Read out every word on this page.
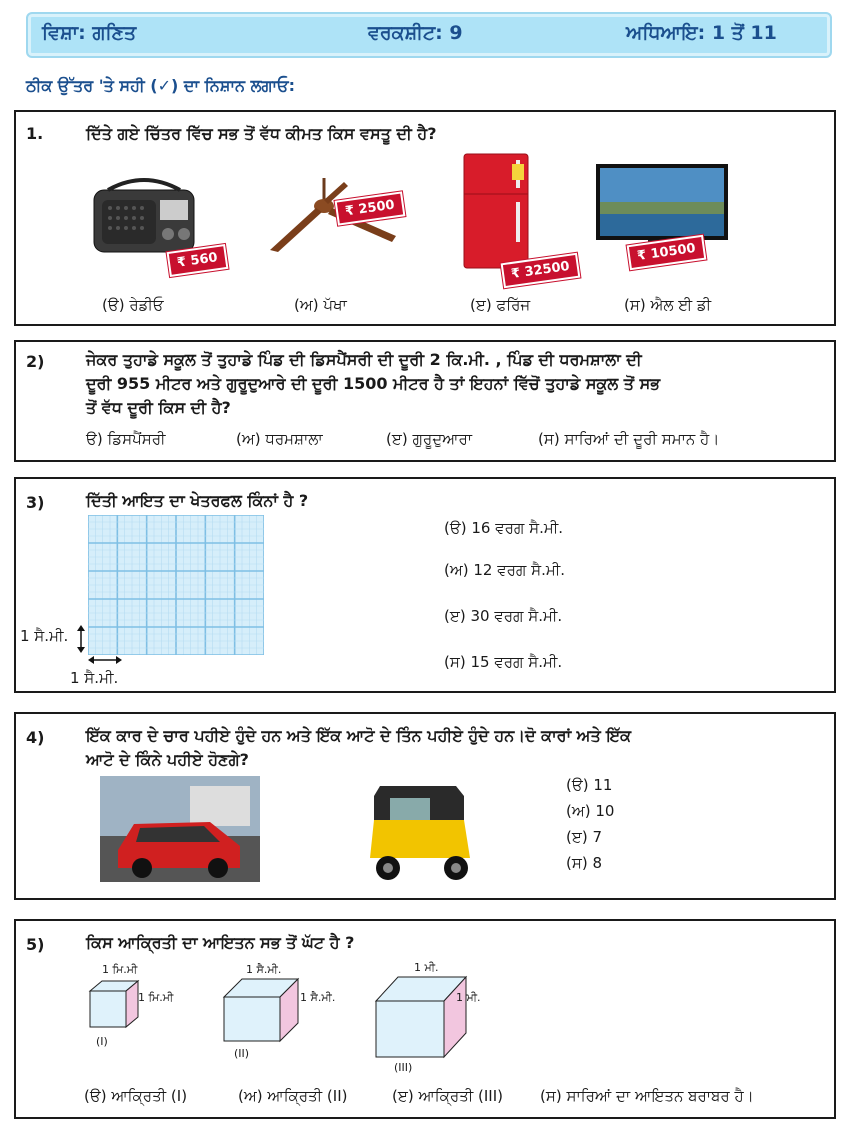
ਵਿਸ਼ਾ: ਗਣਿਤ	ਵਰਕਸ਼ੀਟ: 9	ਅਧਿਆਇ: 1 ਤੋਂ 11
ਠੀਕ ਉੱਤਰ 'ਤੇ ਸਹੀ (✓) ਦਾ ਨਿਸ਼ਾਨ ਲਗਾਓ:
1.	ਦਿੱਤੇ ਗਏ ਚਿੱਤਰ ਵਿੱਚ ਸਭ ਤੋਂ ਵੱਧ ਕੀਮਤ ਕਿਸ ਵਸਤੂ ਦੀ ਹੈ?
₹ 560
₹ 2500
₹ 32500
₹ 10500
(ੳ) ਰੇਡੀਓ	(ਅ) ਪੱਖਾ	(ੲ) ਫਰਿੱਜ	(ਸ) ਐਲ ਈ ਡੀ
2)	ਜੇਕਰ ਤੁਹਾਡੇ ਸਕੂਲ ਤੋਂ ਤੁਹਾਡੇ ਪਿੰਡ ਦੀ ਡਿਸਪੈਂਸਰੀ ਦੀ ਦੂਰੀ 2 ਕਿ.ਮੀ. , ਪਿੰਡ ਦੀ ਧਰਮਸ਼ਾਲਾ ਦੀ
ਦੂਰੀ 955 ਮੀਟਰ ਅਤੇ ਗੁਰੂਦੁਆਰੇ ਦੀ ਦੂਰੀ 1500 ਮੀਟਰ ਹੈ ਤਾਂ ਇਹਨਾਂ ਵਿੱਚੋਂ ਤੁਹਾਡੇ ਸਕੂਲ ਤੋਂ ਸਭ
ਤੋਂ ਵੱਧ ਦੂਰੀ ਕਿਸ ਦੀ ਹੈ?
ੳ) ਡਿਸਪੈਂਸਰੀ	(ਅ) ਧਰਮਸ਼ਾਲਾ	(ੲ) ਗੁਰੂਦੁਆਰਾ	(ਸ) ਸਾਰਿਆਂ ਦੀ ਦੂਰੀ ਸਮਾਨ ਹੈ।
3)	ਦਿੱਤੀ ਆਇਤ ਦਾ ਖੇਤਰਫਲ ਕਿੰਨਾਂ ਹੈ ?
1 ਸੈ.ਮੀ.
1 ਸੈ.ਮੀ.
(ੳ) 16 ਵਰਗ ਸੈ.ਮੀ.
(ਅ) 12 ਵਰਗ ਸੈ.ਮੀ.
(ੲ) 30 ਵਰਗ ਸੈ.ਮੀ.
(ਸ) 15 ਵਰਗ ਸੈ.ਮੀ.
4)	ਇੱਕ ਕਾਰ ਦੇ ਚਾਰ ਪਹੀਏ ਹੁੰਦੇ ਹਨ ਅਤੇ ਇੱਕ ਆਟੋ ਦੇ ਤਿੰਨ ਪਹੀਏ ਹੁੰਦੇ ਹਨ।ਦੋ ਕਾਰਾਂ ਅਤੇ ਇੱਕ
ਆਟੋ ਦੇ ਕਿੰਨੇ ਪਹੀਏ ਹੋਣਗੇ?
(ੳ) 11
(ਅ) 10
(ੲ) 7
(ਸ) 8
5)	ਕਿਸ ਆਕ੍ਰਿਤੀ ਦਾ ਆਇਤਨ ਸਭ ਤੋਂ ਘੱਟ ਹੈ ?
1 ਮਿ.ਮੀ
1 ਮਿ.ਮੀ
(I)
1 ਸੈ.ਮੀ.
1 ਸੈ.ਮੀ.
(II)
1 ਮੀ.
1 ਮੀ.
(III)
(ੳ) ਆਕ੍ਰਿਤੀ (I)	(ਅ) ਆਕ੍ਰਿਤੀ (II)	(ੲ) ਆਕ੍ਰਿਤੀ (III) (ਸ) ਸਾਰਿਆਂ ਦਾ ਆਇਤਨ ਬਰਾਬਰ ਹੈ।
